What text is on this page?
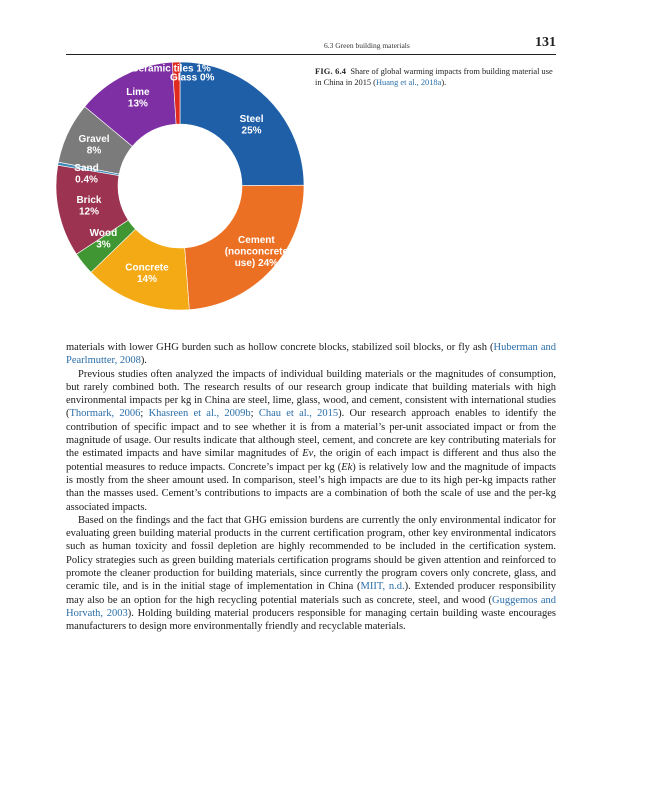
6.3 Green building materials	131
Steel 25%
Cement (nonconcrete use) 24%
Concrete 14%
Wood 3%
Brick 12%
Sand 0.4%
Gravel 8%
Lime 13%
Glass 0%
Ceramic tiles 1%	FIG. 6.4 Share of global warming impacts from building material use in China in 2015 (Huang et al., 2018a).

materials with lower GHG burden such as hollow concrete blocks, stabilized soil blocks, or fly ash (Huberman and Pearlmutter, 2008).

Previous studies often analyzed the impacts of individual building materials or the magnitudes of consumption, but rarely combined both. The research results of our research group indicate that building materials with high environmental impacts per kg in China are steel, lime, glass, wood, and cement, consistent with international studies (Thormark, 2006; Khasreen et al., 2009b; Chau et al., 2015). Our research approach enables to identify the contribution of specific impact and to see whether it is from a material’s per-unit associated impact or from the magnitude of usage. Our results indicate that although steel, cement, and concrete are key contributing materials for the estimated impacts and have similar magnitudes of Ev, the origin of each impact is different and thus also the potential measures to reduce impacts. Concrete’s impact per kg (Ek) is relatively low and the magnitude of impacts is mostly from the sheer amount used. In comparison, steel’s high impacts are due to its high per-kg impacts rather than the masses used. Cement’s contributions to impacts are a combination of both the scale of use and the per-kg associated impacts.

Based on the findings and the fact that GHG emission burdens are currently the only environmental indicator for evaluating green building material products in the current certification program, other key environmental indicators such as human toxicity and fossil depletion are highly recommended to be included in the certification system. Policy strategies such as green building materials certification programs should be given attention and reinforced to promote the cleaner production for building materials, since currently the program covers only concrete, glass, and ceramic tile, and is in the initial stage of implementation in China (MIIT, n.d.). Extended producer responsibility may also be an option for the high recycling potential materials such as concrete, steel, and wood (Guggemos and Horvath, 2003). Holding building material producers responsible for managing certain building waste encourages manufacturers to design more environmentally friendly and recyclable materials.
